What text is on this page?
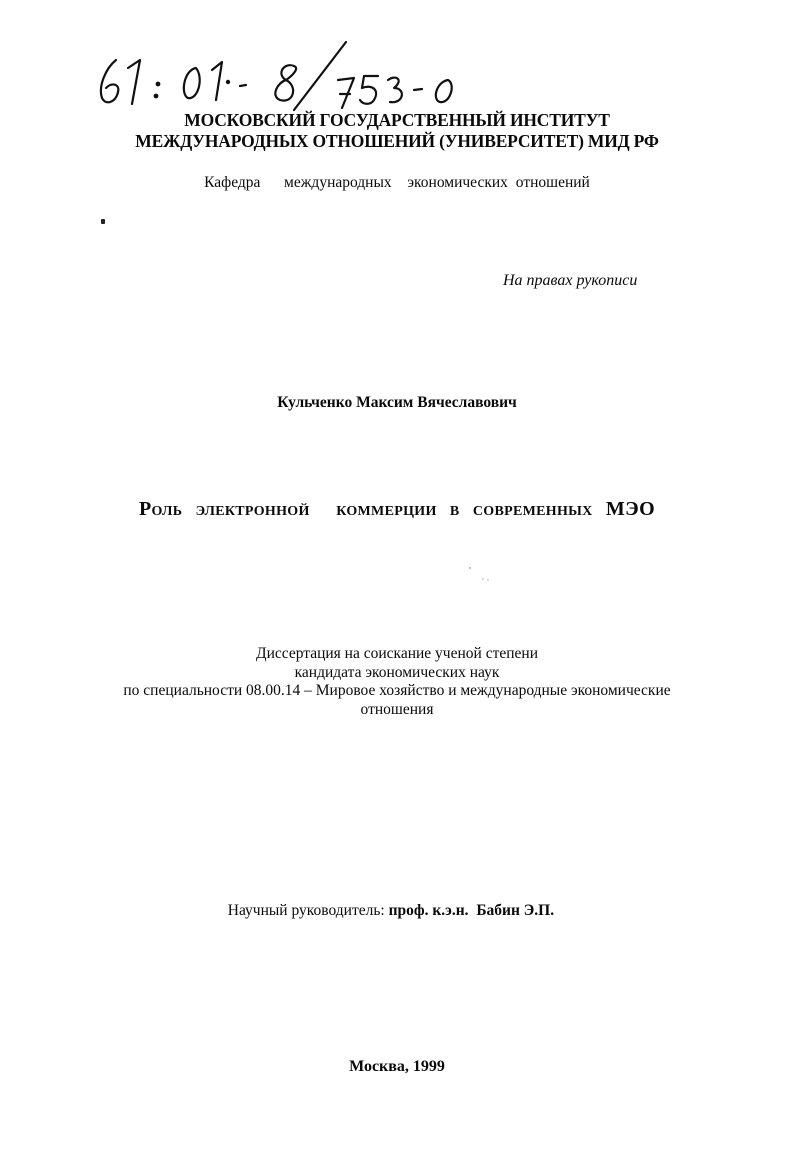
МОСКОВСКИЙ ГОСУДАРСТВЕННЫЙ ИНСТИТУТ
МЕЖДУНАРОДНЫХ ОТНОШЕНИЙ (УНИВЕРСИТЕТ) МИД РФ
Кафедра   международных  экономических отношений
На правах рукописи
Кульченко Максим Вячеславович
Роль электронной  коммерции в современных МЭО
Диссертация на соискание ученой степени
кандидата экономических наук
по специальности 08.00.14 – Мировое хозяйство и международные экономические
отношения

Научный руководитель: проф. к.э.н.  Бабин Э.П.

Москва, 1999
